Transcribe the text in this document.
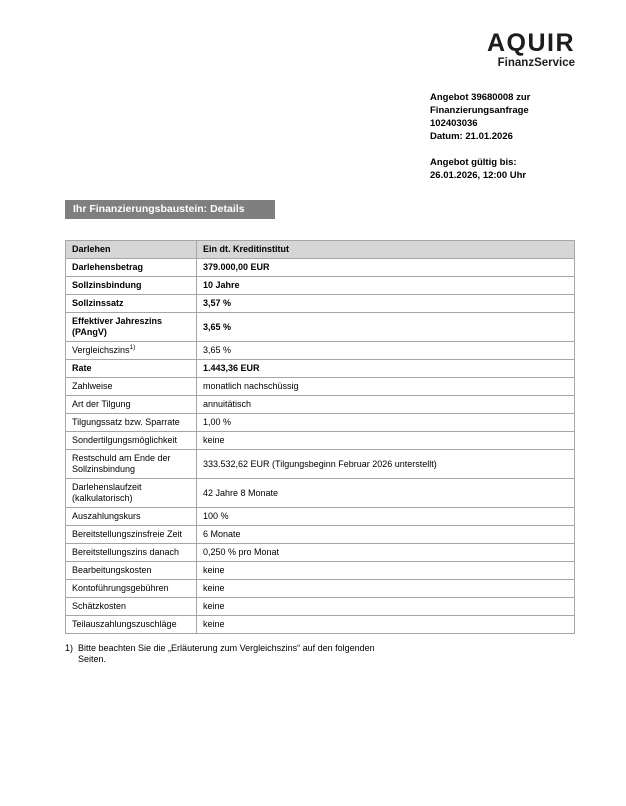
AQUIR
FinanzService
Angebot 39680008 zur
Finanzierungsanfrage 102403036
Datum: 21.01.2026
Angebot gültig bis:
26.01.2026, 12:00 Uhr
Ihr Finanzierungsbaustein: Details
Darlehen	Ein dt. Kreditinstitut
Darlehensbetrag	379.000,00 EUR
Sollzinsbindung	10 Jahre
Sollzinssatz	3,57 %
Effektiver Jahreszins (PAngV)	3,65 %
Vergleichszins$^{1)}$	3,65 %
Rate	1.443,36 EUR
Zahlweise	monatlich nachschüssig
Art der Tilgung	annuitätisch
Tilgungssatz bzw. Sparrate	1,00 %
Sondertilgungsmöglichkeit	keine
Restschuld am Ende der Sollzinsbindung	333.532,62 EUR (Tilgungsbeginn Februar 2026 unterstellt)
Darlehenslaufzeit (kalkulatorisch)	42 Jahre 8 Monate
Auszahlungskurs	100 %
Bereitstellungszinsfreie Zeit	6 Monate
Bereitstellungszins danach	0,250 % pro Monat
Bearbeitungskosten	keine
Kontoführungsgebühren	keine
Schätzkosten	keine
Teilauszahlungszuschläge	keine
1) Bitte beachten Sie die „Erläuterung zum Vergleichszins“ auf den folgenden
Seiten.
